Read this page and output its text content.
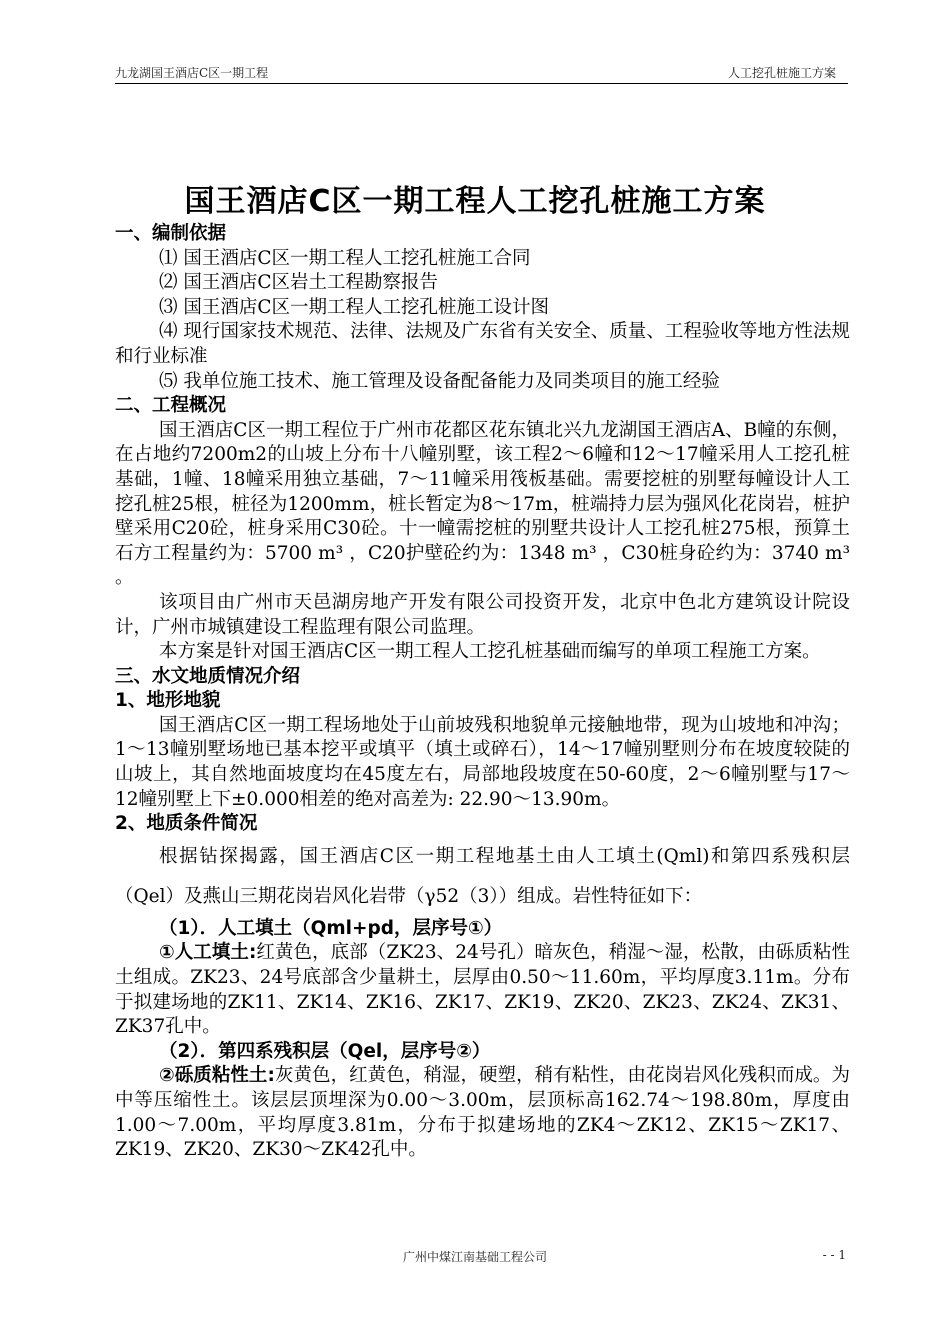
九龙湖国王酒店C区一期工程	人工挖孔桩施工方案
国王酒店C区一期工程人工挖孔桩施工方案

一、编制依据

⑴ 国王酒店C区一期工程人工挖孔桩施工合同

⑵ 国王酒店C区岩土工程勘察报告

⑶ 国王酒店C区一期工程人工挖孔桩施工设计图

⑷ 现行国家技术规范、法律、法规及广东省有关安全、质量、工程验收等地方性法规和行业标准

⑸ 我单位施工技术、施工管理及设备配备能力及同类项目的施工经验

二、工程概况

国王酒店C区一期工程位于广州市花都区花东镇北兴九龙湖国王酒店A、B幢的东侧，在占地约7200m2的山坡上分布十八幢别墅，该工程2～6幢和12～17幢采用人工挖孔桩基础，1幢、18幢采用独立基础，7～11幢采用筏板基础。需要挖桩的别墅每幢设计人工挖孔桩25根，桩径为1200mm，桩长暂定为8～17m，桩端持力层为强风化花岗岩，桩护壁采用C20砼，桩身采用C30砼。十一幢需挖桩的别墅共设计人工挖孔桩275根，预算土石方工程量约为：5700 m³ ，C20护壁砼约为：1348 m³ ，C30桩身砼约为：3740 m³ 。

该项目由广州市天邑湖房地产开发有限公司投资开发，北京中色北方建筑设计院设计，广州市城镇建设工程监理有限公司监理。

本方案是针对国王酒店C区一期工程人工挖孔桩基础而编写的单项工程施工方案。

三、水文地质情况介绍

1、地形地貌

国王酒店C区一期工程场地处于山前坡残积地貌单元接触地带，现为山坡地和冲沟；1～13幢别墅场地已基本挖平或填平（填土或碎石），14～17幢别墅则分布在坡度较陡的山坡上，其自然地面坡度均在45度左右，局部地段坡度在50-60度，2～6幢别墅与17～12幢别墅上下±0.000相差的绝对高差为: 22.90～13.90m。

2、地质条件简况

根据钻探揭露，国王酒店C区一期工程地基土由人工填土(Qml)和第四系残积层（Qel）及燕山三期花岗岩风化岩带（γ52（3））组成。岩性特征如下：

（1）．人工填土（Qml+pd，层序号①）

①人工填土:红黄色，底部（ZK23、24号孔）暗灰色，稍湿～湿，松散，由砾质粘性土组成。ZK23、24号底部含少量耕土，层厚由0.50～11.60m，平均厚度3.11m。分布于拟建场地的ZK11、ZK14、ZK16、ZK17、ZK19、ZK20、ZK23、ZK24、ZK31、ZK37孔中。

（2）．第四系残积层（Qel，层序号②）

②砾质粘性土:灰黄色，红黄色，稍湿，硬塑，稍有粘性，由花岗岩风化残积而成。为中等压缩性土。该层层顶埋深为0.00～3.00m，层顶标高162.74～198.80m，厚度由1.00～7.00m，平均厚度3.81m，分布于拟建场地的ZK4～ZK12、ZK15～ZK17、ZK19、ZK20、ZK30～ZK42孔中。

广州中煤江南基础工程公司	- - 1
